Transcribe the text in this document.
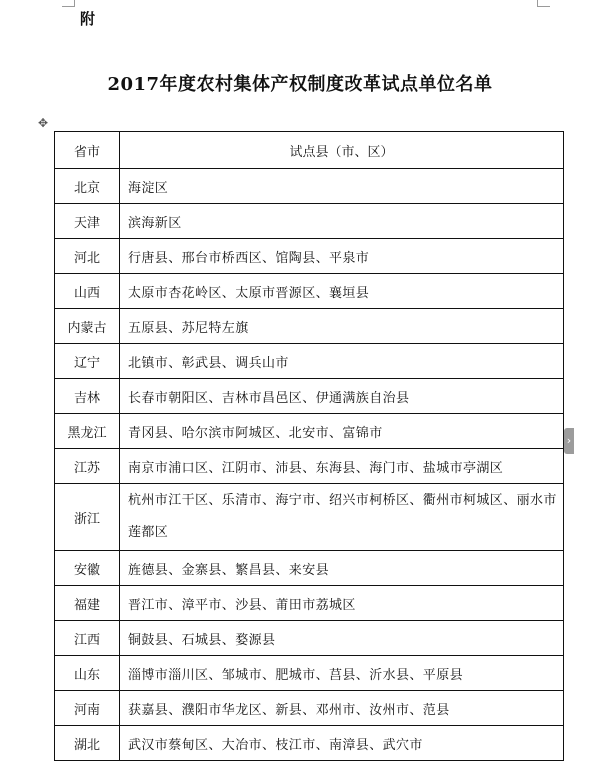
附
2017年度农村集体产权制度改革试点单位名单
✥
›
省市	试点县（市、区）
北京	海淀区
天津	滨海新区
河北	行唐县、邢台市桥西区、馆陶县、平泉市
山西	太原市杏花岭区、太原市晋源区、襄垣县
内蒙古	五原县、苏尼特左旗
辽宁	北镇市、彰武县、调兵山市
吉林	长春市朝阳区、吉林市昌邑区、伊通满族自治县
黑龙江	青冈县、哈尔滨市阿城区、北安市、富锦市
江苏	南京市浦口区、江阴市、沛县、东海县、海门市、盐城市亭湖区
浙江	杭州市江干区、乐清市、海宁市、绍兴市柯桥区、衢州市柯城区、丽水市莲都区
安徽	旌德县、金寨县、繁昌县、来安县
福建	晋江市、漳平市、沙县、莆田市荔城区
江西	铜鼓县、石城县、婺源县
山东	淄博市淄川区、邹城市、肥城市、莒县、沂水县、平原县
河南	获嘉县、濮阳市华龙区、新县、邓州市、汝州市、范县
湖北	武汉市蔡甸区、大冶市、枝江市、南漳县、武穴市
